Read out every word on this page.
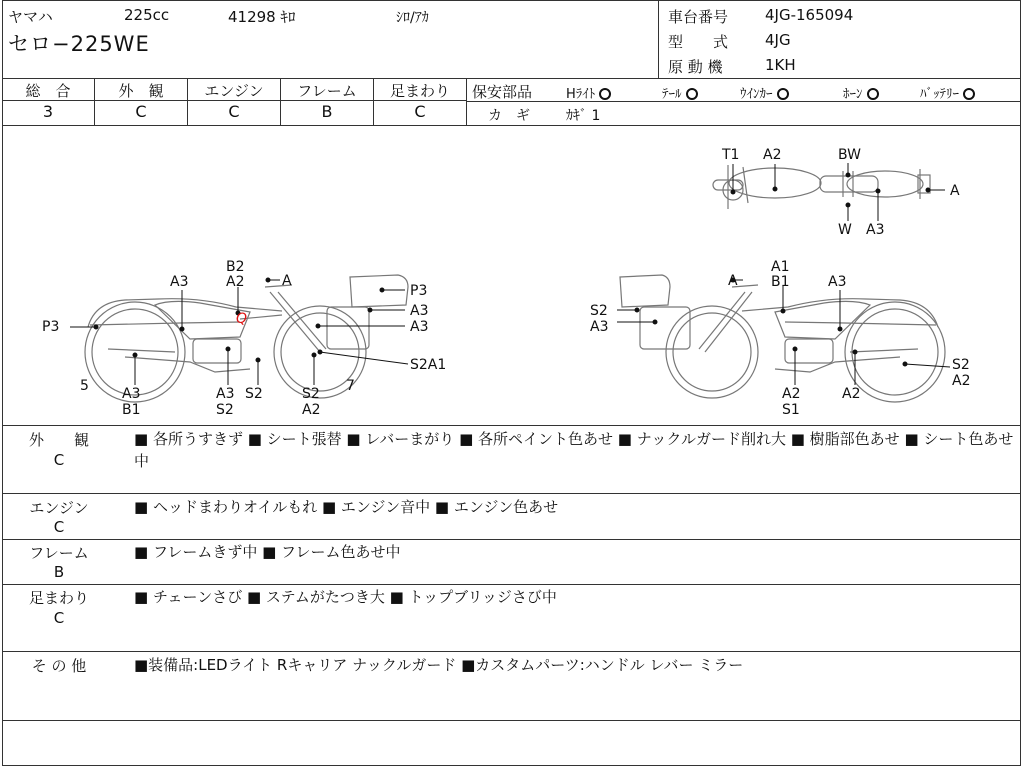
ヤマハ	225cc	41298 ｷﾛ	ｼﾛ/ｱｶ
セロ−225WE
車台番号 4JG-165094
型　　式 4JG
原 動 機	1KH
総　合
3
外　観
C
エンジン
C
フレーム
B
足まわり
C
保安部品	Hﾗｲﾄ	ﾃｰﾙ	ｳｲﾝｶｰ	ﾎｰﾝ	ﾊﾞｯﾃﾘｰ
カ　ギ	ｶｷﾞ 1
T1 A2	BW
A
W A3
B2
A2	A
A3
P3
A3
A3
P3
S2A1
5 A3
B1
A3
S2
S2	S2
A2
7
Q
A1
A B1	A3
S2
A3
S2
A2
A2
S1
A2
外　　観
C
■ 各所うすきず ■ シート張替 ■ レバーまがり ■ 各所ペイント色あせ ■ ナックルガード削れ大 ■ 樹脂部色あせ ■ シート色あせ中
エンジン
C
■ ヘッドまわりオイルもれ ■ エンジン音中 ■ エンジン色あせ
フレーム
B
■ フレームきず中 ■ フレーム色あせ中
足まわり
C
■ チェーンさび ■ ステムがたつき大 ■ トップブリッジさび中
そ の 他	■装備品:LEDライト Rキャリア ナックルガード ■カスタムパーツ:ハンドル レバー ミラー
